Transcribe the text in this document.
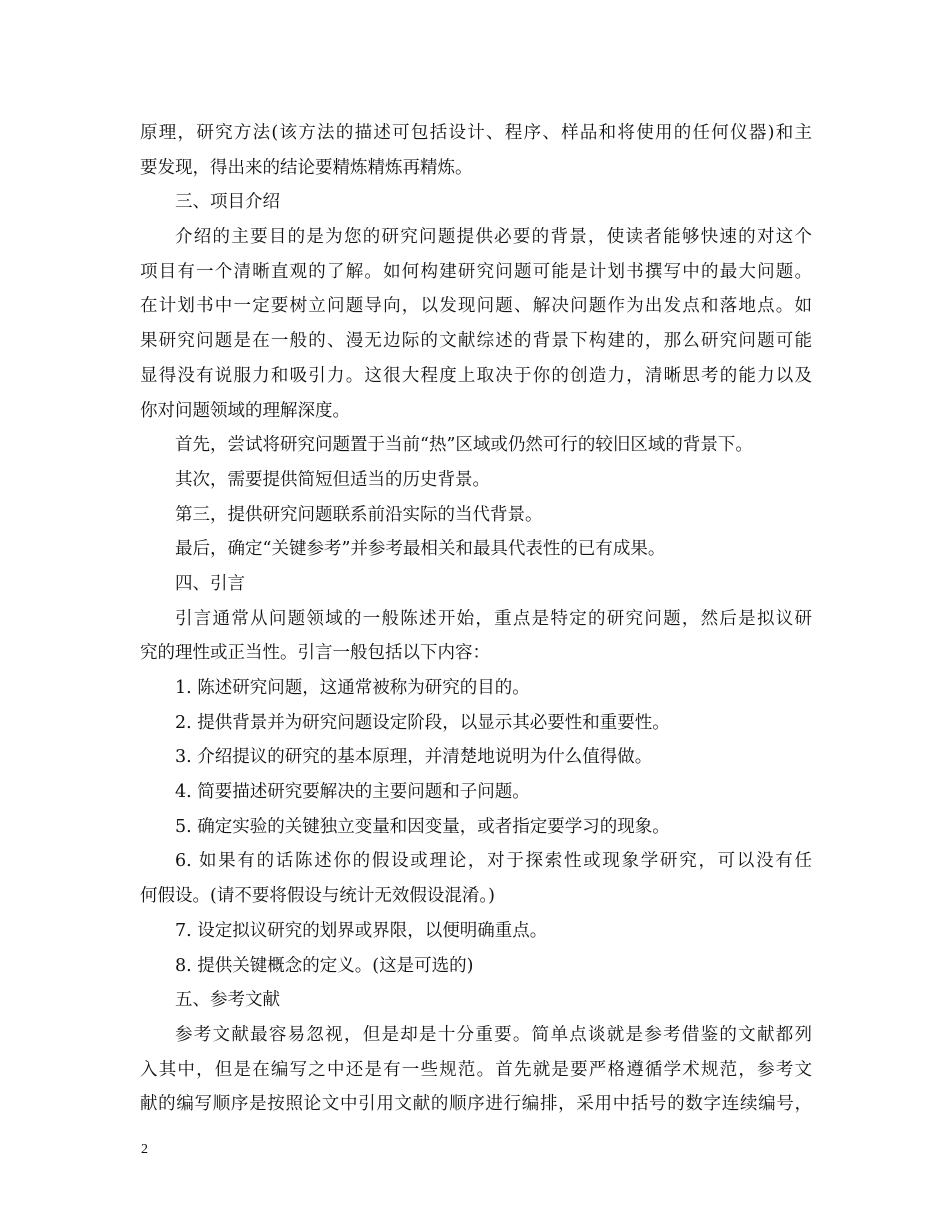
原理，研究方法(该方法的描述可包括设计、程序、样品和将使用的任何仪器)和主
要发现，得出来的结论要精炼精炼再精炼。
三、项目介绍
介绍的主要目的是为您的研究问题提供必要的背景，使读者能够快速的对这个
项目有一个清晰直观的了解。如何构建研究问题可能是计划书撰写中的最大问题。
在计划书中一定要树立问题导向，以发现问题、解决问题作为出发点和落地点。如
果研究问题是在一般的、漫无边际的文献综述的背景下构建的，那么研究问题可能
显得没有说服力和吸引力。这很大程度上取决于你的创造力，清晰思考的能力以及
你对问题领域的理解深度。
首先，尝试将研究问题置于当前“热”区域或仍然可行的较旧区域的背景下。
其次，需要提供简短但适当的历史背景。
第三，提供研究问题联系前沿实际的当代背景。
最后，确定“关键参考”并参考最相关和最具代表性的已有成果。
四、引言
引言通常从问题领域的一般陈述开始，重点是特定的研究问题，然后是拟议研
究的理性或正当性。引言一般包括以下内容：
1. 陈述研究问题，这通常被称为研究的目的。
2. 提供背景并为研究问题设定阶段，以显示其必要性和重要性。
3. 介绍提议的研究的基本原理，并清楚地说明为什么值得做。
4. 简要描述研究要解决的主要问题和子问题。
5. 确定实验的关键独立变量和因变量，或者指定要学习的现象。
6. 如果有的话陈述你的假设或理论，对于探索性或现象学研究，可以没有任
何假设。(请不要将假设与统计无效假设混淆。)
7. 设定拟议研究的划界或界限，以便明确重点。
8. 提供关键概念的定义。(这是可选的)
五、参考文献
参考文献最容易忽视，但是却是十分重要。简单点谈就是参考借鉴的文献都列
入其中，但是在编写之中还是有一些规范。首先就是要严格遵循学术规范，参考文
献的编写顺序是按照论文中引用文献的顺序进行编排，采用中括号的数字连续编号，
2
